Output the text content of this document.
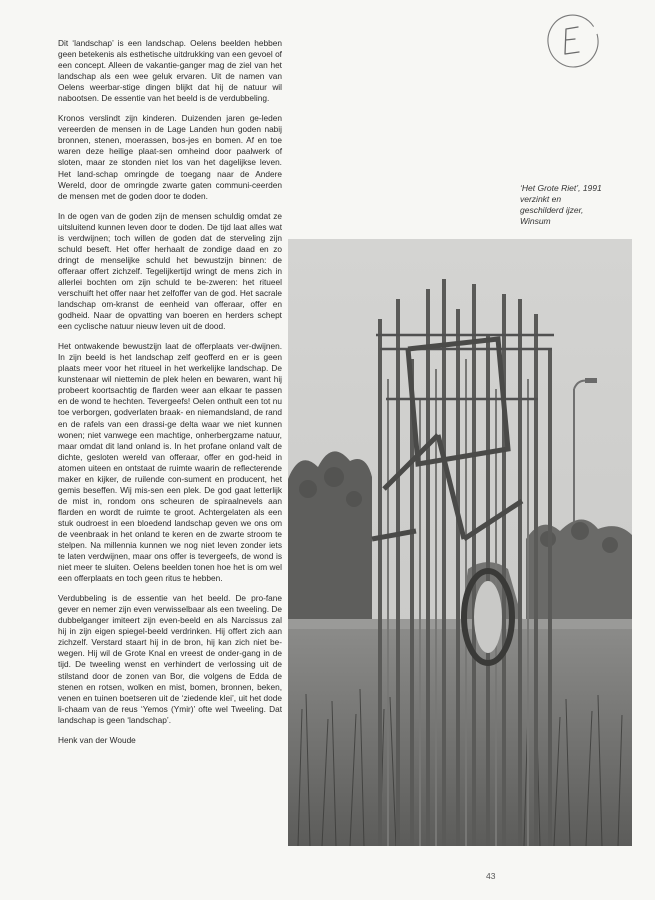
Dit ‘landschap’ is een landschap. Oelens beelden hebben geen betekenis als esthetische uitdrukking van een gevoel of een concept. Alleen de vakantie-ganger mag de ziel van het landschap als een wee geluk ervaren. Uit de namen van Oelens weerbar-stige dingen blijkt dat hij de natuur wil nabootsen. De essentie van het beeld is de verdubbeling.

Kronos verslindt zijn kinderen. Duizenden jaren ge-leden vereerden de mensen in de Lage Landen hun goden nabij bronnen, stenen, moerassen, bos-jes en bomen. Af en toe waren deze heilige plaat-sen omheind door paalwerk of sloten, maar ze stonden niet los van het dagelijkse leven. Het land-schap omringde de toegang naar de Andere Wereld, door de omringde zwarte gaten communi-ceerden de mensen met de goden door te doden.

In de ogen van de goden zijn de mensen schuldig omdat ze uitsluitend kunnen leven door te doden. De tijd laat alles wat is verdwijnen; toch willen de goden dat de sterveling zijn schuld beseft. Het offer herhaalt de zondige daad en zo dringt de menselijke schuld het bewustzijn binnen: de offeraar offert zichzelf. Tegelijkertijd wringt de mens zich in allerlei bochten om zijn schuld te be-zweren: het ritueel verschuift het offer naar het zelfoffer van de god. Het sacrale landschap om-kranst de eenheid van offeraar, offer en godheid. Naar de opvatting van boeren en herders schept een cyclische natuur nieuw leven uit de dood.

Het ontwakende bewustzijn laat de offerplaats ver-dwijnen. In zijn beeld is het landschap zelf geofferd en er is geen plaats meer voor het ritueel in het werkelijke landschap. De kunstenaar wil niettemin de plek helen en bewaren, want hij probeert koortsachtig de flarden weer aan elkaar te passen en de wond te hechten. Tevergeefs! Oelen onthult een tot nu toe verborgen, godverlaten braak- en niemandsland, de rand en de rafels van een drassi-ge delta waar we niet kunnen wonen; niet vanwege een machtige, onherbergzame natuur, maar omdat dit land onland is. In het profane onland valt de dichte, gesloten wereld van offeraar, offer en god-heid in atomen uiteen en ontstaat de ruimte waarin de reflecterende maker en kijker, de ruilende con-sument en producent, het gemis beseffen. Wij mis-sen een plek. De god gaat letterlijk de mist in, rondom ons scheuren de spiraalnevels aan flarden en wordt de ruimte te groot. Achtergelaten als een stuk oudroest in een bloedend landschap geven we ons om de veenbraak in het onland te keren en de zwarte stroom te stelpen. Na millennia kunnen we nog niet leven zonder iets te laten verdwijnen, maar ons offer is tevergeefs, de wond is niet meer te sluiten. Oelens beelden tonen hoe het is om wel een offerplaats en toch geen ritus te hebben.

Verdubbeling is de essentie van het beeld. De pro-fane gever en nemer zijn even verwisselbaar als een tweeling. De dubbelganger imiteert zijn even-beeld en als Narcissus zal hij in zijn eigen spiegel-beeld verdrinken. Hij offert zich aan zichzelf. Verstard staart hij in de bron, hij kan zich niet be-wegen. Hij wil de Grote Knal en vreest de onder-gang in de tijd. De tweeling wenst en verhindert de verlossing uit de stilstand door de zonen van Bor, die volgens de Edda de stenen en rotsen, wolken en mist, bomen, bronnen, beken, venen en tuinen boetseren uit de ‘ziedende klei’, uit het dode li-chaam van de reus ‘Yemos (Ymir)’ ofte wel Tweeling. Dat landschap is geen ‘landschap’.

Henk van der Woude
‘Het Grote Riet’, 1991
verzinkt en
geschilderd ijzer,
Winsum
43
